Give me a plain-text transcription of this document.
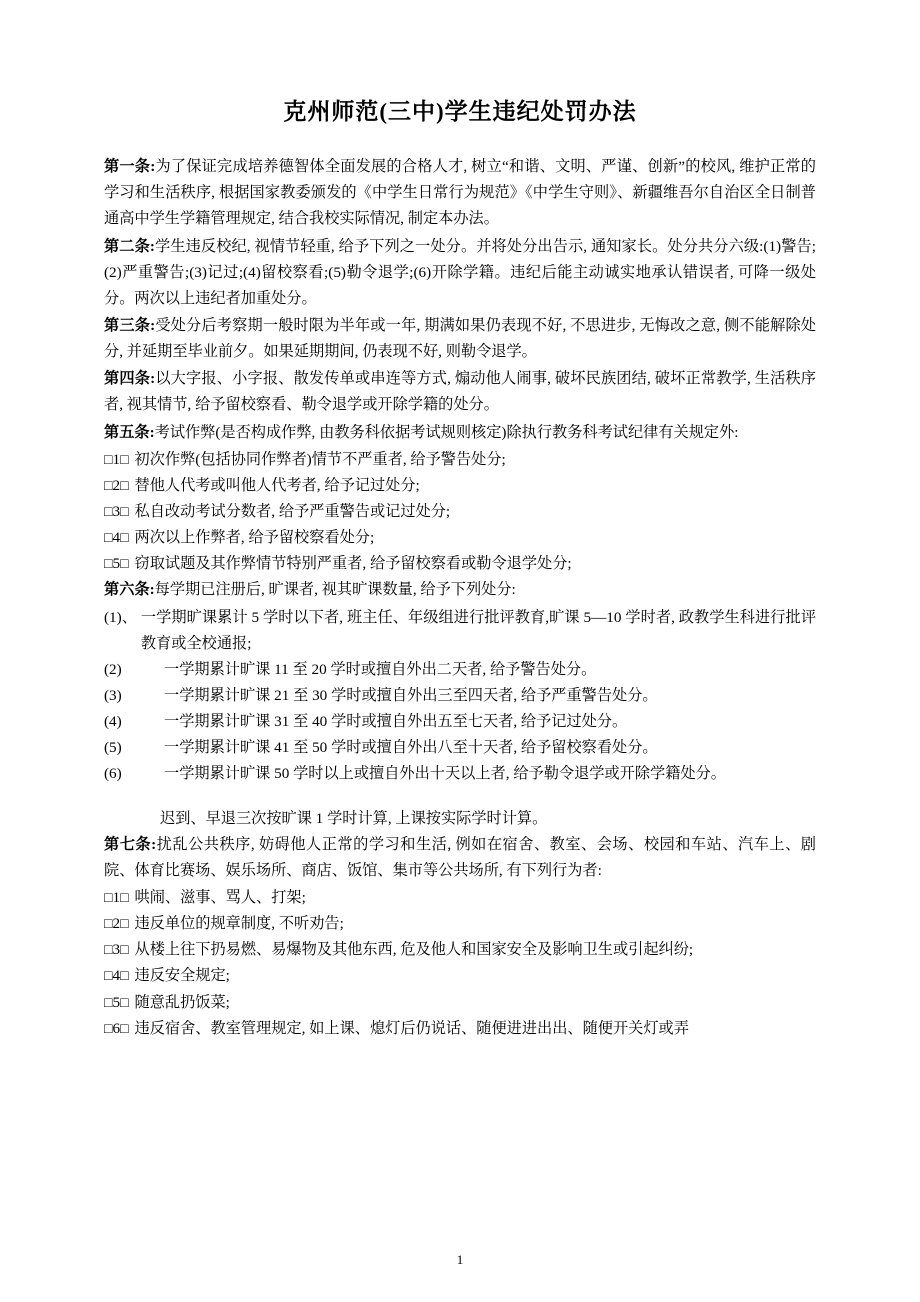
克州师范(三中)学生违纪处罚办法

第一条:为了保证完成培养德智体全面发展的合格人才, 树立“和谐、文明、严谨、创新”的校风, 维护正常的学习和生活秩序, 根据国家教委颁发的《中学生日常行为规范》《中学生守则》、新疆维吾尔自治区全日制普通高中学生学籍管理规定, 结合我校实际情况, 制定本办法。

第二条:学生违反校纪, 视情节轻重, 给予下列之一处分。并将处分出告示, 通知家长。处分共分六级:(1)警告;(2)严重警告;(3)记过;(4)留校察看;(5)勒令退学;(6)开除学籍。违纪后能主动诚实地承认错误者, 可降一级处分。两次以上违纪者加重处分。

第三条:受处分后考察期一般时限为半年或一年, 期满如果仍表现不好, 不思进步, 无悔改之意, 侧不能解除处分, 并延期至毕业前夕。如果延期期间, 仍表现不好, 则勒令退学。

第四条:以大字报、小字报、散发传单或串连等方式, 煽动他人闹事, 破坏民族团结, 破坏正常教学, 生活秩序者, 视其情节, 给予留校察看、勒令退学或开除学籍的处分。

第五条:考试作弊(是否构成作弊, 由教务科依据考试规则核定)除执行教务科考试纪律有关规定外:

□1□ 初次作弊(包括协同作弊者)情节不严重者, 给予警告处分;
□2□ 替他人代考或叫他人代考者, 给予记过处分;
□3□ 私自改动考试分数者, 给予严重警告或记过处分;
□4□ 两次以上作弊者, 给予留校察看处分;
□5□ 窃取试题及其作弊情节特别严重者, 给予留校察看或勒令退学处分;

第六条:每学期已注册后, 旷课者, 视其旷课数量, 给予下列处分:

(1)、 一学期旷课累计 5 学时以下者, 班主任、年级组进行批评教育,旷课 5—10 学时者, 政教学生科进行批评教育或全校通报;
(2)	一学期累计旷课 11 至 20 学时或擅自外出二天者, 给予警告处分。
(3)	一学期累计旷课 21 至 30 学时或擅自外出三至四天者, 给予严重警告处分。
(4)	一学期累计旷课 31 至 40 学时或擅自外出五至七天者, 给予记过处分。
(5)	一学期累计旷课 41 至 50 学时或擅自外出八至十天者, 给予留校察看处分。
(6)	一学期累计旷课 50 学时以上或擅自外出十天以上者, 给予勒令退学或开除学籍处分。

迟到、早退三次按旷课 1 学时计算, 上课按实际学时计算。

第七条:扰乱公共秩序, 妨碍他人正常的学习和生活, 例如在宿舍、教室、会场、校园和车站、汽车上、剧院、体育比赛场、娱乐场所、商店、饭馆、集市等公共场所, 有下列行为者:

□1□ 哄闹、滋事、骂人、打架;
□2□ 违反单位的规章制度, 不听劝告;
□3□ 从楼上往下扔易燃、易爆物及其他东西, 危及他人和国家安全及影响卫生或引起纠纷;
□4□ 违反安全规定;
□5□ 随意乱扔饭菜;
□6□ 违反宿舍、教室管理规定, 如上课、熄灯后仍说话、随便进进出出、随便开关灯或弄
1
